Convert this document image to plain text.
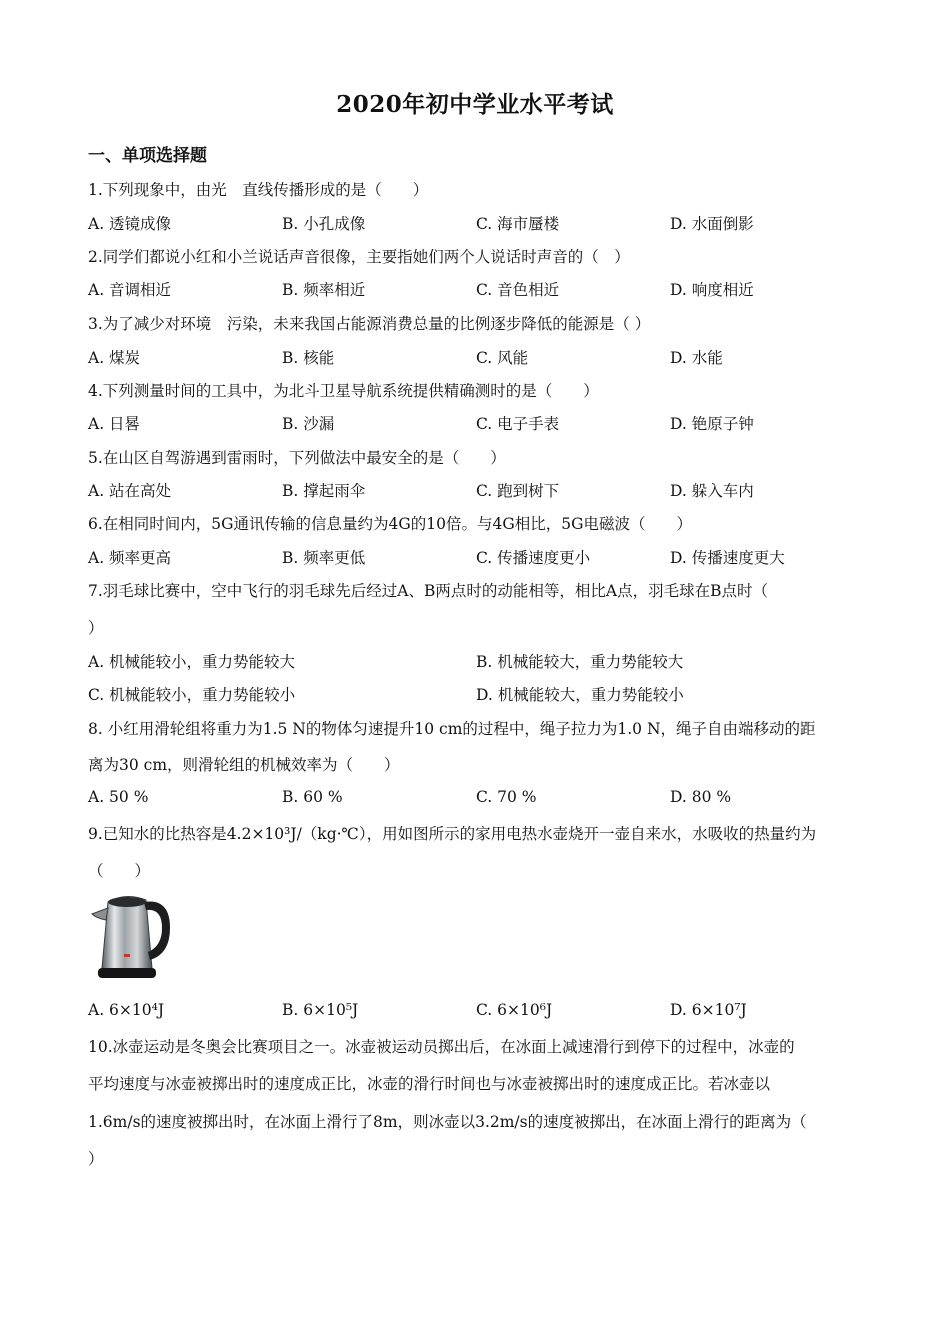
2020年初中学业水平考试
一、单项选择题
1.下列现象中，由光　直线传播形成的是（　　）
A. 透镜成像	B. 小孔成像	C. 海市蜃楼	D. 水面倒影
2.同学们都说小红和小兰说话声音很像，主要指她们两个人说话时声音的（　）
A. 音调相近	B. 频率相近	C. 音色相近	D. 响度相近
3.为了减少对环境　污染，未来我国占能源消费总量的比例逐步降低的能源是（ ）
A. 煤炭	B. 核能	C. 风能	D. 水能
4.下列测量时间的工具中，为北斗卫星导航系统提供精确测时的是（　　）
A. 日晷	B. 沙漏	C. 电子手表	D. 铯原子钟
5.在山区自驾游遇到雷雨时，下列做法中最安全的是（　　）
A. 站在高处	B. 撑起雨伞	C. 跑到树下	D. 躲入车内
6.在相同时间内，5G通讯传输的信息量约为4G的10倍。与4G相比，5G电磁波（　　）
A. 频率更高	B. 频率更低	C. 传播速度更小	D. 传播速度更大
7.羽毛球比赛中，空中飞行的羽毛球先后经过A、B两点时的动能相等，相比A点，羽毛球在B点时（
）
A. 机械能较小，重力势能较大	B. 机械能较大，重力势能较大
C. 机械能较小，重力势能较小	D. 机械能较大，重力势能较小
8. 小红用滑轮组将重力为1.5 N的物体匀速提升10 cm的过程中，绳子拉力为1.0 N，绳子自由端移动的距
离为30 cm，则滑轮组的机械效率为（　　）
A. 50 %	B. 60 %	C. 70 %	D. 80 %
9.已知水的比热容是4.2×10³J/（kg·℃），用如图所示的家用电热水壶烧开一壶自来水，水吸收的热量约为
（　　）
A. 6×10⁴J	B. 6×10⁵J	C. 6×10⁶J	D. 6×10⁷J
10.冰壶运动是冬奥会比赛项目之一。冰壶被运动员掷出后，在冰面上减速滑行到停下的过程中，冰壶的
平均速度与冰壶被掷出时的速度成正比，冰壶的滑行时间也与冰壶被掷出时的速度成正比。若冰壶以
1.6m/s的速度被掷出时，在冰面上滑行了8m，则冰壶以3.2m/s的速度被掷出，在冰面上滑行的距离为（
）
